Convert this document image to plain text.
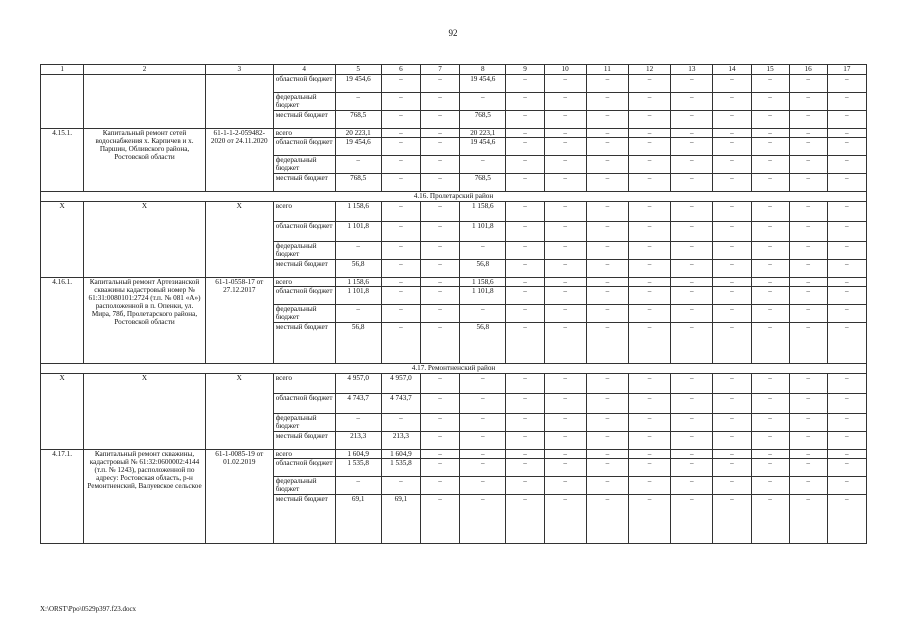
92
1	2	3	4	5	6	7	8	9	10	11	12	13	14	15	16	17
			областной бюджет	19 454,6	–	–	19 454,6	–	–	–	–	–	–	–	–	–
			федеральный бюджет	–	–	–	–	–	–	–	–	–	–	–	–	–
			местный бюджет	768,5	–	–	768,5	–	–	–	–	–	–	–	–	–
4.15.1.	Капитальный ремонт сетей водоснабжения х. Карпичев и х. Паршин, Обливского района, Ростовской области	61-1-1-2-059482-2020 от 24.11.2020	всего	20 223,1	–	–	20 223,1	–	–	–	–	–	–	–	–	–
			областной бюджет	19 454,6	–	–	19 454,6	–	–	–	–	–	–	–	–	–
			федеральный бюджет	–	–	–	–	–	–	–	–	–	–	–	–	–
			местный бюджет	768,5	–	–	768,5	–	–	–	–	–	–	–	–	–
4.16. Пролетарский район																
Х	Х	Х	всего	1 158,6	–	–	1 158,6	–	–	–	–	–	–	–	–	–
			областной бюджет	1 101,8	–	–	1 101,8	–	–	–	–	–	–	–	–	–
			федеральный бюджет	–	–	–	–	–	–	–	–	–	–	–	–	–
			местный бюджет	56,8	–	–	56,8	–	–	–	–	–	–	–	–	–
4.16.1.	Капитальный ремонт Артезианской скважины кадастровый номер № 61:31:0080101:2724 (т.п. № 081 «А») расположенной в п. Опенки, ул. Мира, 78б, Пролетарского района, Ростовской области	61-1-0558-17 от 27.12.2017	всего	1 158,6	–	–	1 158,6	–	–	–	–	–	–	–	–	–
			областной бюджет	1 101,8	–	–	1 101,8	–	–	–	–	–	–	–	–	–
			федеральный бюджет	–	–	–	–	–	–	–	–	–	–	–	–	–
			местный бюджет	56,8	–	–	56,8	–	–	–	–	–	–	–	–	–
4.17. Ремонтненский район																
Х	Х	Х	всего	4 957,0	4 957,0	–	–	–	–	–	–	–	–	–	–	–
			областной бюджет	4 743,7	4 743,7	–	–	–	–	–	–	–	–	–	–	–
			федеральный бюджет	–	–	–	–	–	–	–	–	–	–	–	–	–
			местный бюджет	213,3	213,3	–	–	–	–	–	–	–	–	–	–	–
4.17.1.	Капитальный ремонт скважины, кадастровый № 61:32:0600002:4144 (т.п. № 1243), расположенной по адресу: Ростовская область, р-н Ремонтненский, Валуевское сельское	61-1-0085-19 от 01.02.2019	всего	1 604,9	1 604,9	–	–	–	–	–	–	–	–	–	–	–
			областной бюджет	1 535,8	1 535,8	–	–	–	–	–	–	–	–	–	–	–
			федеральный бюджет	–	–	–	–	–	–	–	–	–	–	–	–	–
			местный бюджет	69,1	69,1	–	–	–	–	–	–	–	–	–	–	–
X:\ORST\Ppo\0529p397.f23.docx
